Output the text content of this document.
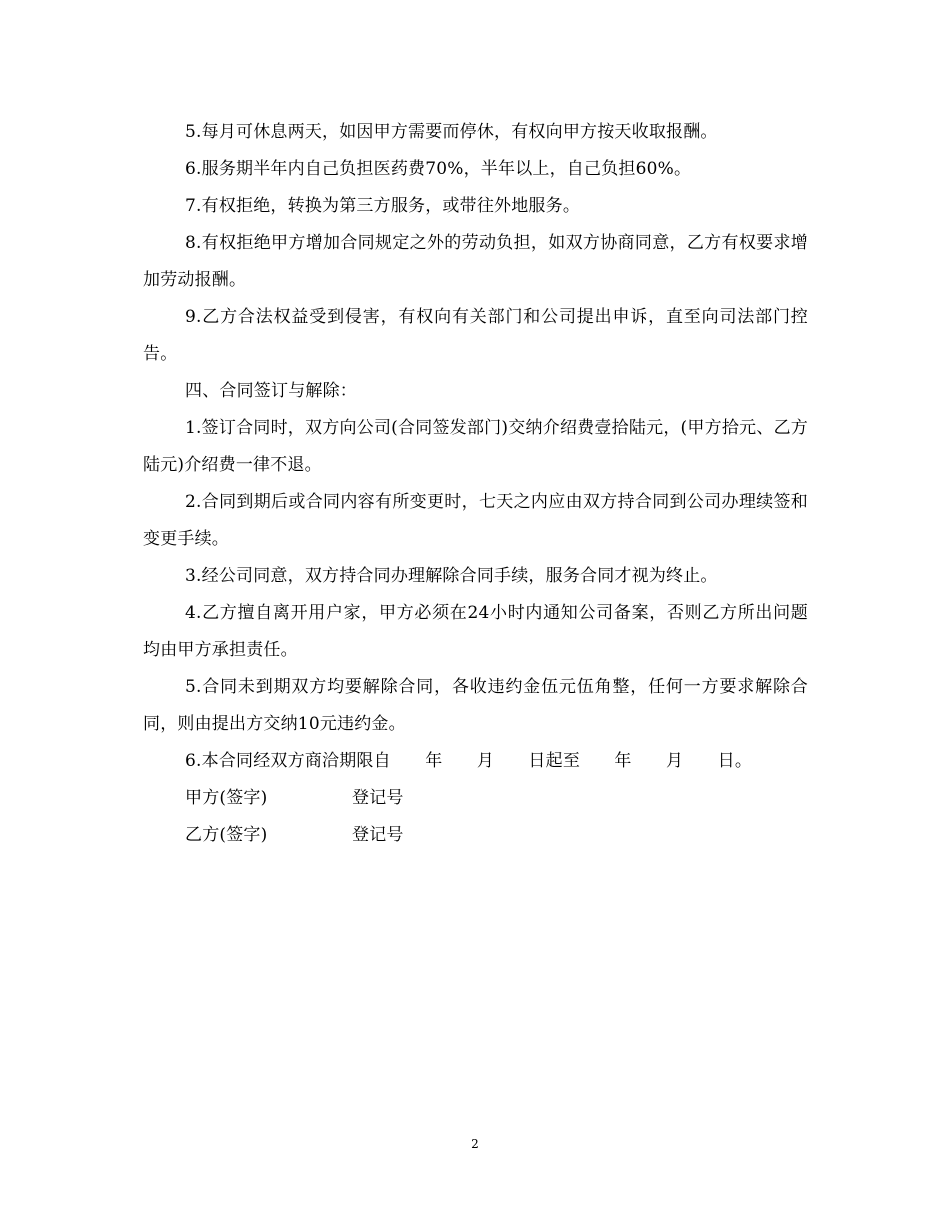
5.每月可休息两天，如因甲方需要而停休，有权向甲方按天收取报酬。

6.服务期半年内自己负担医药费70%，半年以上，自己负担60%。

7.有权拒绝，转换为第三方服务，或带往外地服务。

8.有权拒绝甲方增加合同规定之外的劳动负担，如双方协商同意，乙方有权要求增加劳动报酬。

9.乙方合法权益受到侵害，有权向有关部门和公司提出申诉，直至向司法部门控告。

四、合同签订与解除：

1.签订合同时，双方向公司(合同签发部门)交纳介绍费壹拾陆元，(甲方拾元、乙方陆元)介绍费一律不退。

2.合同到期后或合同内容有所变更时，七天之内应由双方持合同到公司办理续签和变更手续。

3.经公司同意，双方持合同办理解除合同手续，服务合同才视为终止。

4.乙方擅自离开用户家，甲方必须在24小时内通知公司备案，否则乙方所出问题均由甲方承担责任。

5.合同未到期双方均要解除合同，各收违约金伍元伍角整，任何一方要求解除合同，则由提出方交纳10元违约金。

6.本合同经双方商洽期限自　　年　　月　　日起至　　年　　月　　日。

甲方(签字)	登记号
乙方(签字)	登记号
2
